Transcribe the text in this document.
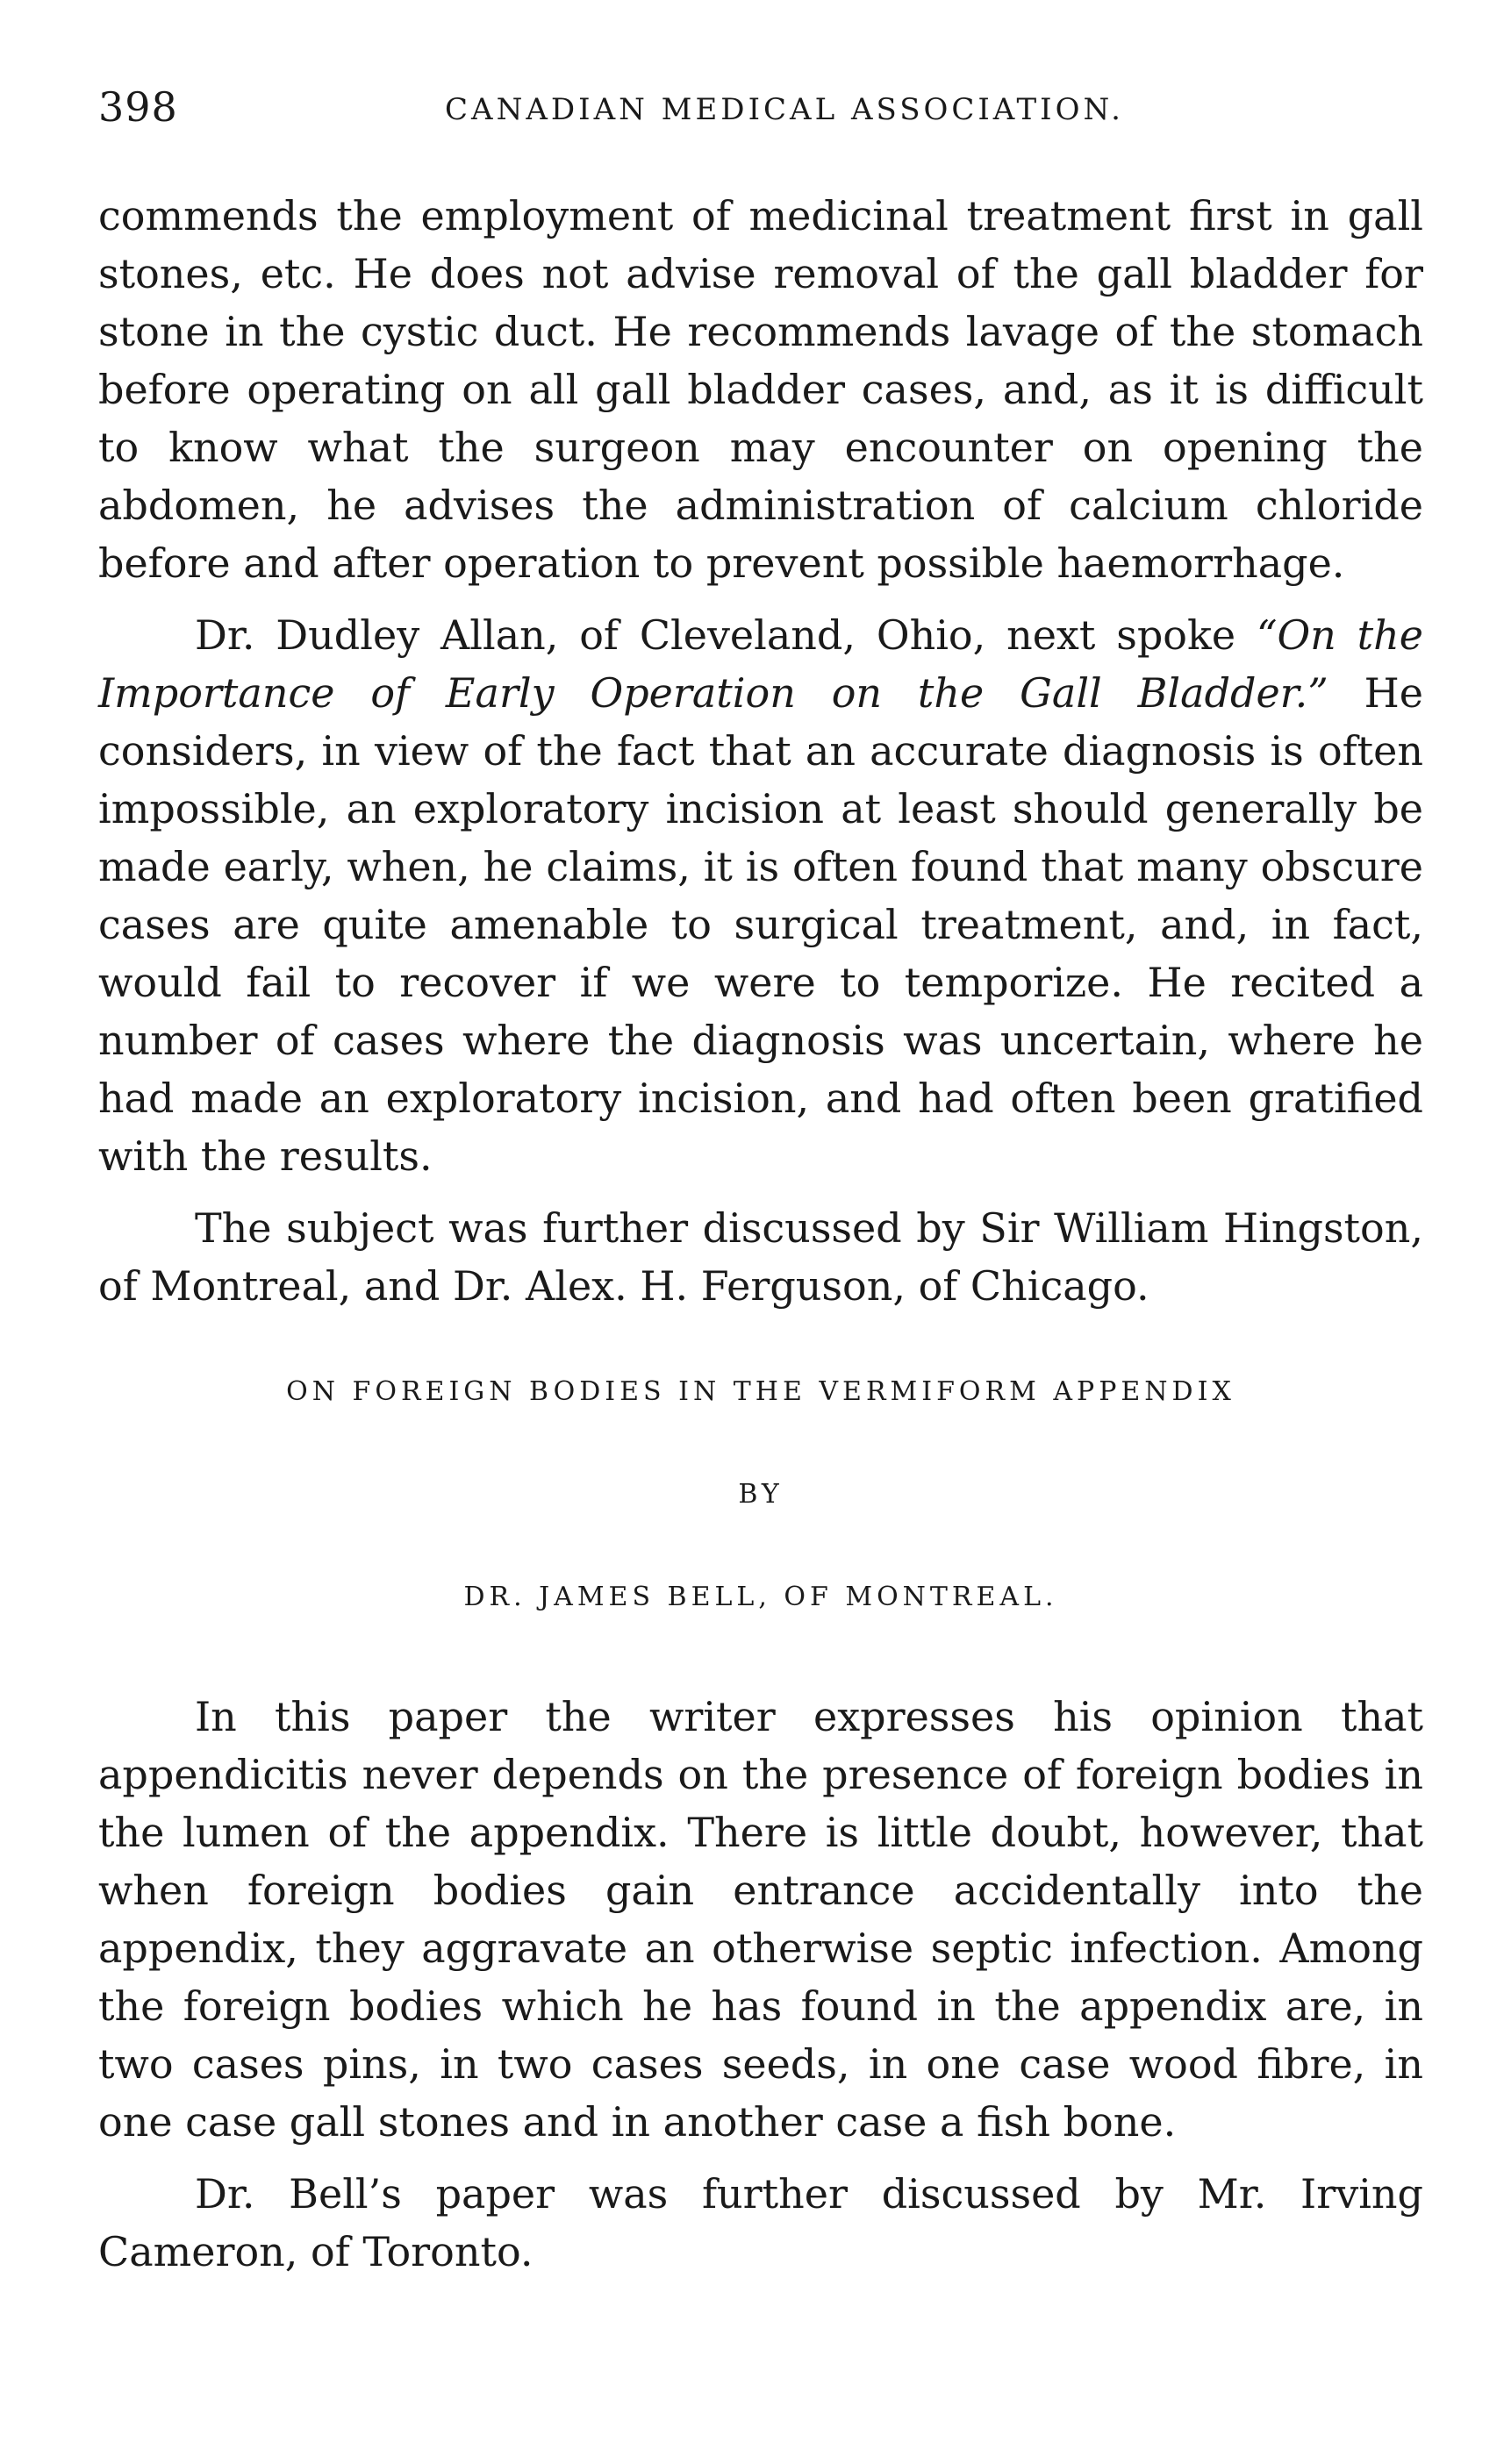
398	CANADIAN MEDICAL ASSOCIATION.

commends the employment of medicinal treatment first in gall stones, etc. He does not advise removal of the gall bladder for stone in the cystic duct. He recommends lavage of the stomach before operating on all gall bladder cases, and, as it is difficult to know what the surgeon may encounter on opening the abdomen, he advises the administration of calcium chloride before and after operation to prevent possible haemorrhage.

Dr. Dudley Allan, of Cleveland, Ohio, next spoke “On the Importance of Early Operation on the Gall Bladder.” He considers, in view of the fact that an accurate diagnosis is often impossible, an exploratory incision at least should generally be made early, when, he claims, it is often found that many obscure cases are quite amenable to surgical treatment, and, in fact, would fail to recover if we were to temporize. He recited a number of cases where the diagnosis was uncertain, where he had made an exploratory incision, and had often been gratified with the results.

The subject was further discussed by Sir William Hingston, of Montreal, and Dr. Alex. H. Ferguson, of Chicago.

ON FOREIGN BODIES IN THE VERMIFORM APPENDIX
BY
DR. JAMES BELL, OF MONTREAL.

In this paper the writer expresses his opinion that appendicitis never depends on the presence of foreign bodies in the lumen of the appendix. There is little doubt, however, that when foreign bodies gain entrance accidentally into the appendix, they aggravate an otherwise septic infection. Among the foreign bodies which he has found in the appendix are, in two cases pins, in two cases seeds, in one case wood fibre, in one case gall stones and in another case a fish bone.

Dr. Bell’s paper was further discussed by Mr. Irving Cameron, of Toronto.
